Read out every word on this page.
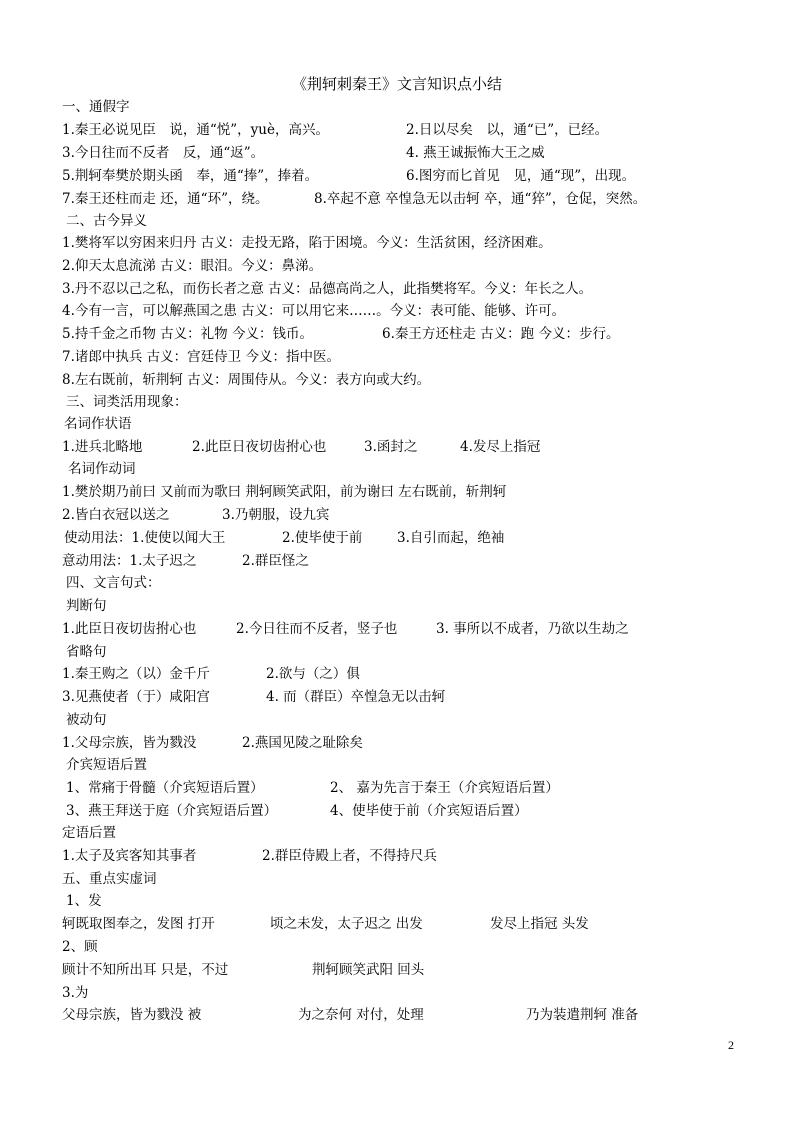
《荆轲刺秦王》文言知识点小结
一、通假字
1.秦王必说见臣　说，通“悦”，yuè，高兴。	2.日以尽矣　以，通“已”，已经。
3.今日往而不反者　反，通“返”。	4. 燕王诚振怖大王之威
5.荆轲奉樊於期头函　奉，通“捧”，捧着。	6.图穷而匕首见　见，通“现”，出现。
7.秦王还柱而走 还，通“环”，绕。	8.卒起不意 卒惶急无以击轲 卒，通“猝”，仓促，突然。
二、古今异义
1.樊将军以穷困来归丹 古义：走投无路，陷于困境。今义：生活贫困，经济困难。
2.仰天太息流涕 古义：眼泪。今义：鼻涕。
3.丹不忍以己之私，而伤长者之意 古义：品德高尚之人，此指樊将军。今义：年长之人。
4.今有一言，可以解燕国之患 古义：可以用它来……。今义：表可能、能够、许可。
5.持千金之币物 古义：礼物 今义：钱币。	6.秦王方还柱走 古义：跑 今义：步行。
7.诸郎中执兵 古义：宫廷侍卫 今义：指中医。
8.左右既前，斩荆轲 古义：周围侍从。今义：表方向或大约。
三、词类活用现象：
名词作状语
1.进兵北略地	2.此臣日夜切齿拊心也	3.函封之	4.发尽上指冠
名词作动词
1.樊於期乃前曰 又前而为歌曰 荆轲顾笑武阳，前为谢曰 左右既前，斩荆轲
2.皆白衣冠以送之	3.乃朝服，设九宾
使动用法：1.使使以闻大王	2.使毕使于前	3.自引而起，绝袖
意动用法：1.太子迟之	2.群臣怪之
四、文言句式：
判断句
1.此臣日夜切齿拊心也	2.今日往而不反者，竖子也	3. 事所以不成者，乃欲以生劫之
省略句
1.秦王购之（以）金千斤	2.欲与（之）俱
3.见燕使者（于）咸阳宫	4. 而（群臣）卒惶急无以击轲
被动句
1.父母宗族，皆为戮没	2.燕国见陵之耻除矣
介宾短语后置
1、常痛于骨髓（介宾短语后置）	2、 嘉为先言于秦王（介宾短语后置）
3、燕王拜送于庭（介宾短语后置）	4、使毕使于前（介宾短语后置）
定语后置
1.太子及宾客知其事者	2.群臣侍殿上者，不得持尺兵
五、重点实虚词
1、发
轲既取图奉之，发图 打开	顷之未发，太子迟之 出发	发尽上指冠 头发
2、顾
顾计不知所出耳 只是，不过	荆轲顾笑武阳 回头
3.为
父母宗族，皆为戮没 被	为之奈何 对付，处理	乃为装遣荆轲 准备
2
